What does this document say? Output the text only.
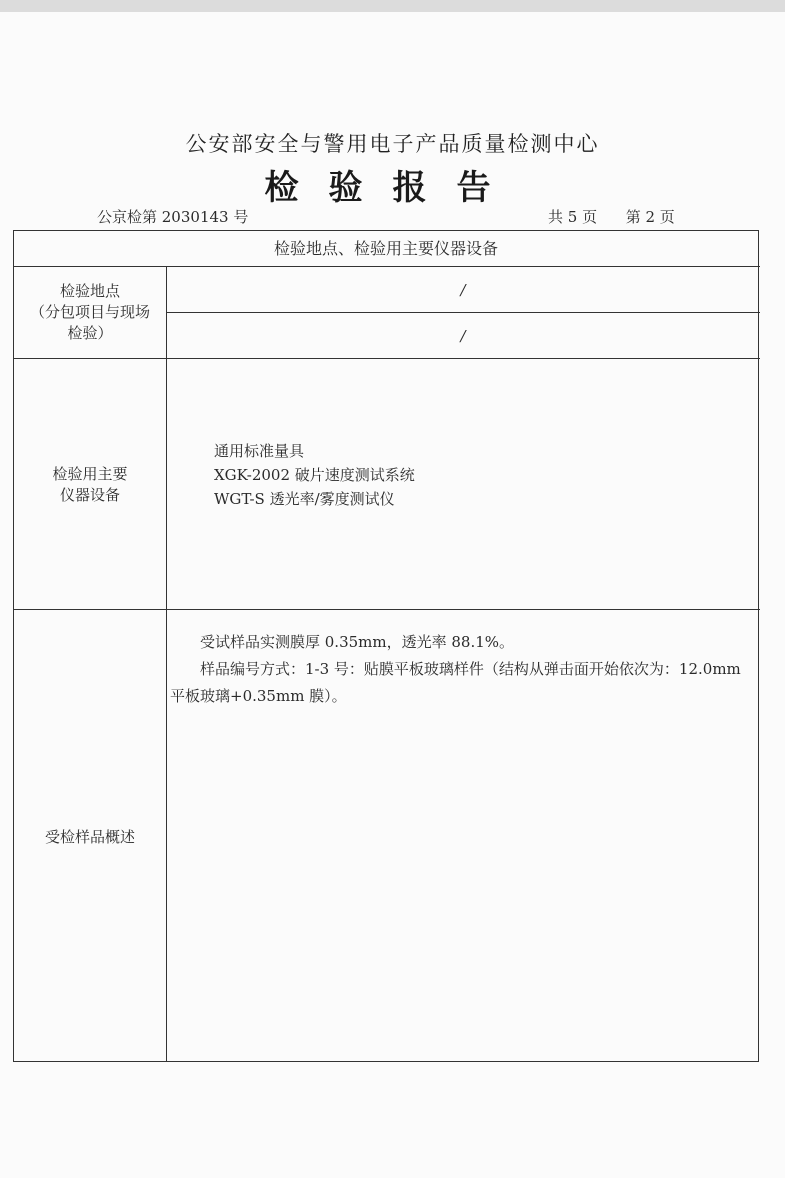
公安部安全与警用电子产品质量检测中心
检验报告
公京检第 2030143 号	共 5 页 第 2 页
检验地点、检验用主要仪器设备
检验地点
（分包项目与现场
检验）
/
/
检验用主要
仪器设备
通用标准量具
XGK-2002 破片速度测试系统
WGT-S 透光率/雾度测试仪
受检样品概述

受试样品实测膜厚 0.35mm，透光率 88.1%。

样品编号方式：1-3 号：贴膜平板玻璃样件（结构从弹击面开始依次为：12.0mm 平板玻璃+0.35mm 膜）。
